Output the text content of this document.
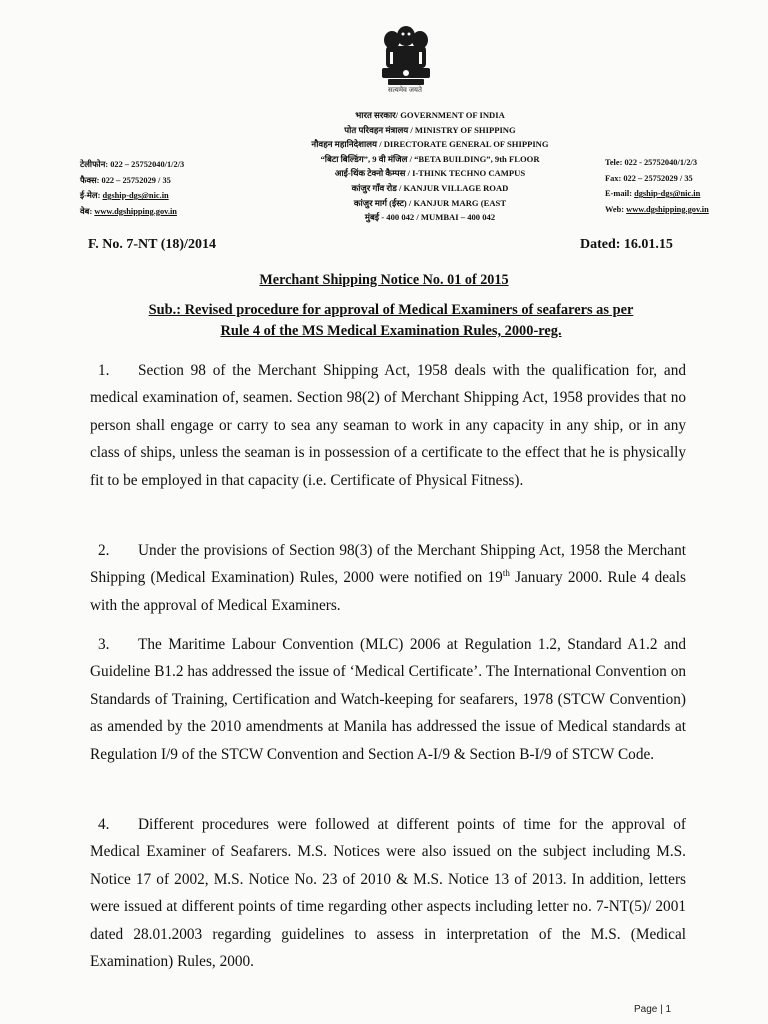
सत्यमेव जयते
भारत सरकार/ GOVERNMENT OF INDIA
पोत परिवहन मंत्रालय / MINISTRY OF SHIPPING
नौवहन महानिदेशालय / DIRECTORATE GENERAL OF SHIPPING
“बिटा बिल्डिंग”, 9 वी मंजिल / “BETA BUILDING”, 9th FLOOR
आई-थिंक टेक्नो कैम्पस / I-THINK TECHNO CAMPUS
कांजुर गाँव रोड / KANJUR VILLAGE ROAD
कांजुर मार्ग (ईस्ट) / KANJUR MARG (EAST
मुंबई - 400 042 / MUMBAI – 400 042
टेलीफोन: 022 – 25752040/1/2/3
फैक्स: 022 – 25752029 / 35
ई-मेल: dgship-dgs@nic.in
वेब: www.dgshipping.gov.in
Tele: 022 - 25752040/1/2/3
Fax: 022 – 25752029 / 35
E-mail: dgship-dgs@nic.in
Web: www.dgshipping.gov.in
F. No. 7-NT (18)/2014	Dated: 16.01.15
Merchant Shipping Notice No. 01 of 2015
Sub.: Revised procedure for approval of Medical Examiners of seafarers as per
Rule 4 of the MS Medical Examination Rules, 2000-reg.
1. Section 98 of the Merchant Shipping Act, 1958 deals with the qualification for, and medical examination of, seamen. Section 98(2) of Merchant Shipping Act, 1958 provides that no person shall engage or carry to sea any seaman to work in any capacity in any ship, or in any class of ships, unless the seaman is in possession of a certificate to the effect that he is physically fit to be employed in that capacity (i.e. Certificate of Physical Fitness).
2. Under the provisions of Section 98(3) of the Merchant Shipping Act, 1958 the Merchant Shipping (Medical Examination) Rules, 2000 were notified on 19th January 2000. Rule 4 deals with the approval of Medical Examiners.
3. The Maritime Labour Convention (MLC) 2006 at Regulation 1.2, Standard A1.2 and Guideline B1.2 has addressed the issue of ‘Medical Certificate’. The International Convention on Standards of Training, Certification and Watch-keeping for seafarers, 1978 (STCW Convention) as amended by the 2010 amendments at Manila has addressed the issue of Medical standards at Regulation I/9 of the STCW Convention and Section A-I/9 & Section B-I/9 of STCW Code.
4. Different procedures were followed at different points of time for the approval of Medical Examiner of Seafarers. M.S. Notices were also issued on the subject including M.S. Notice 17 of 2002, M.S. Notice No. 23 of 2010 & M.S. Notice 13 of 2013. In addition, letters were issued at different points of time regarding other aspects including letter no. 7-NT(5)/ 2001 dated 28.01.2003 regarding guidelines to assess in interpretation of the M.S. (Medical Examination) Rules, 2000.
Page | 1
